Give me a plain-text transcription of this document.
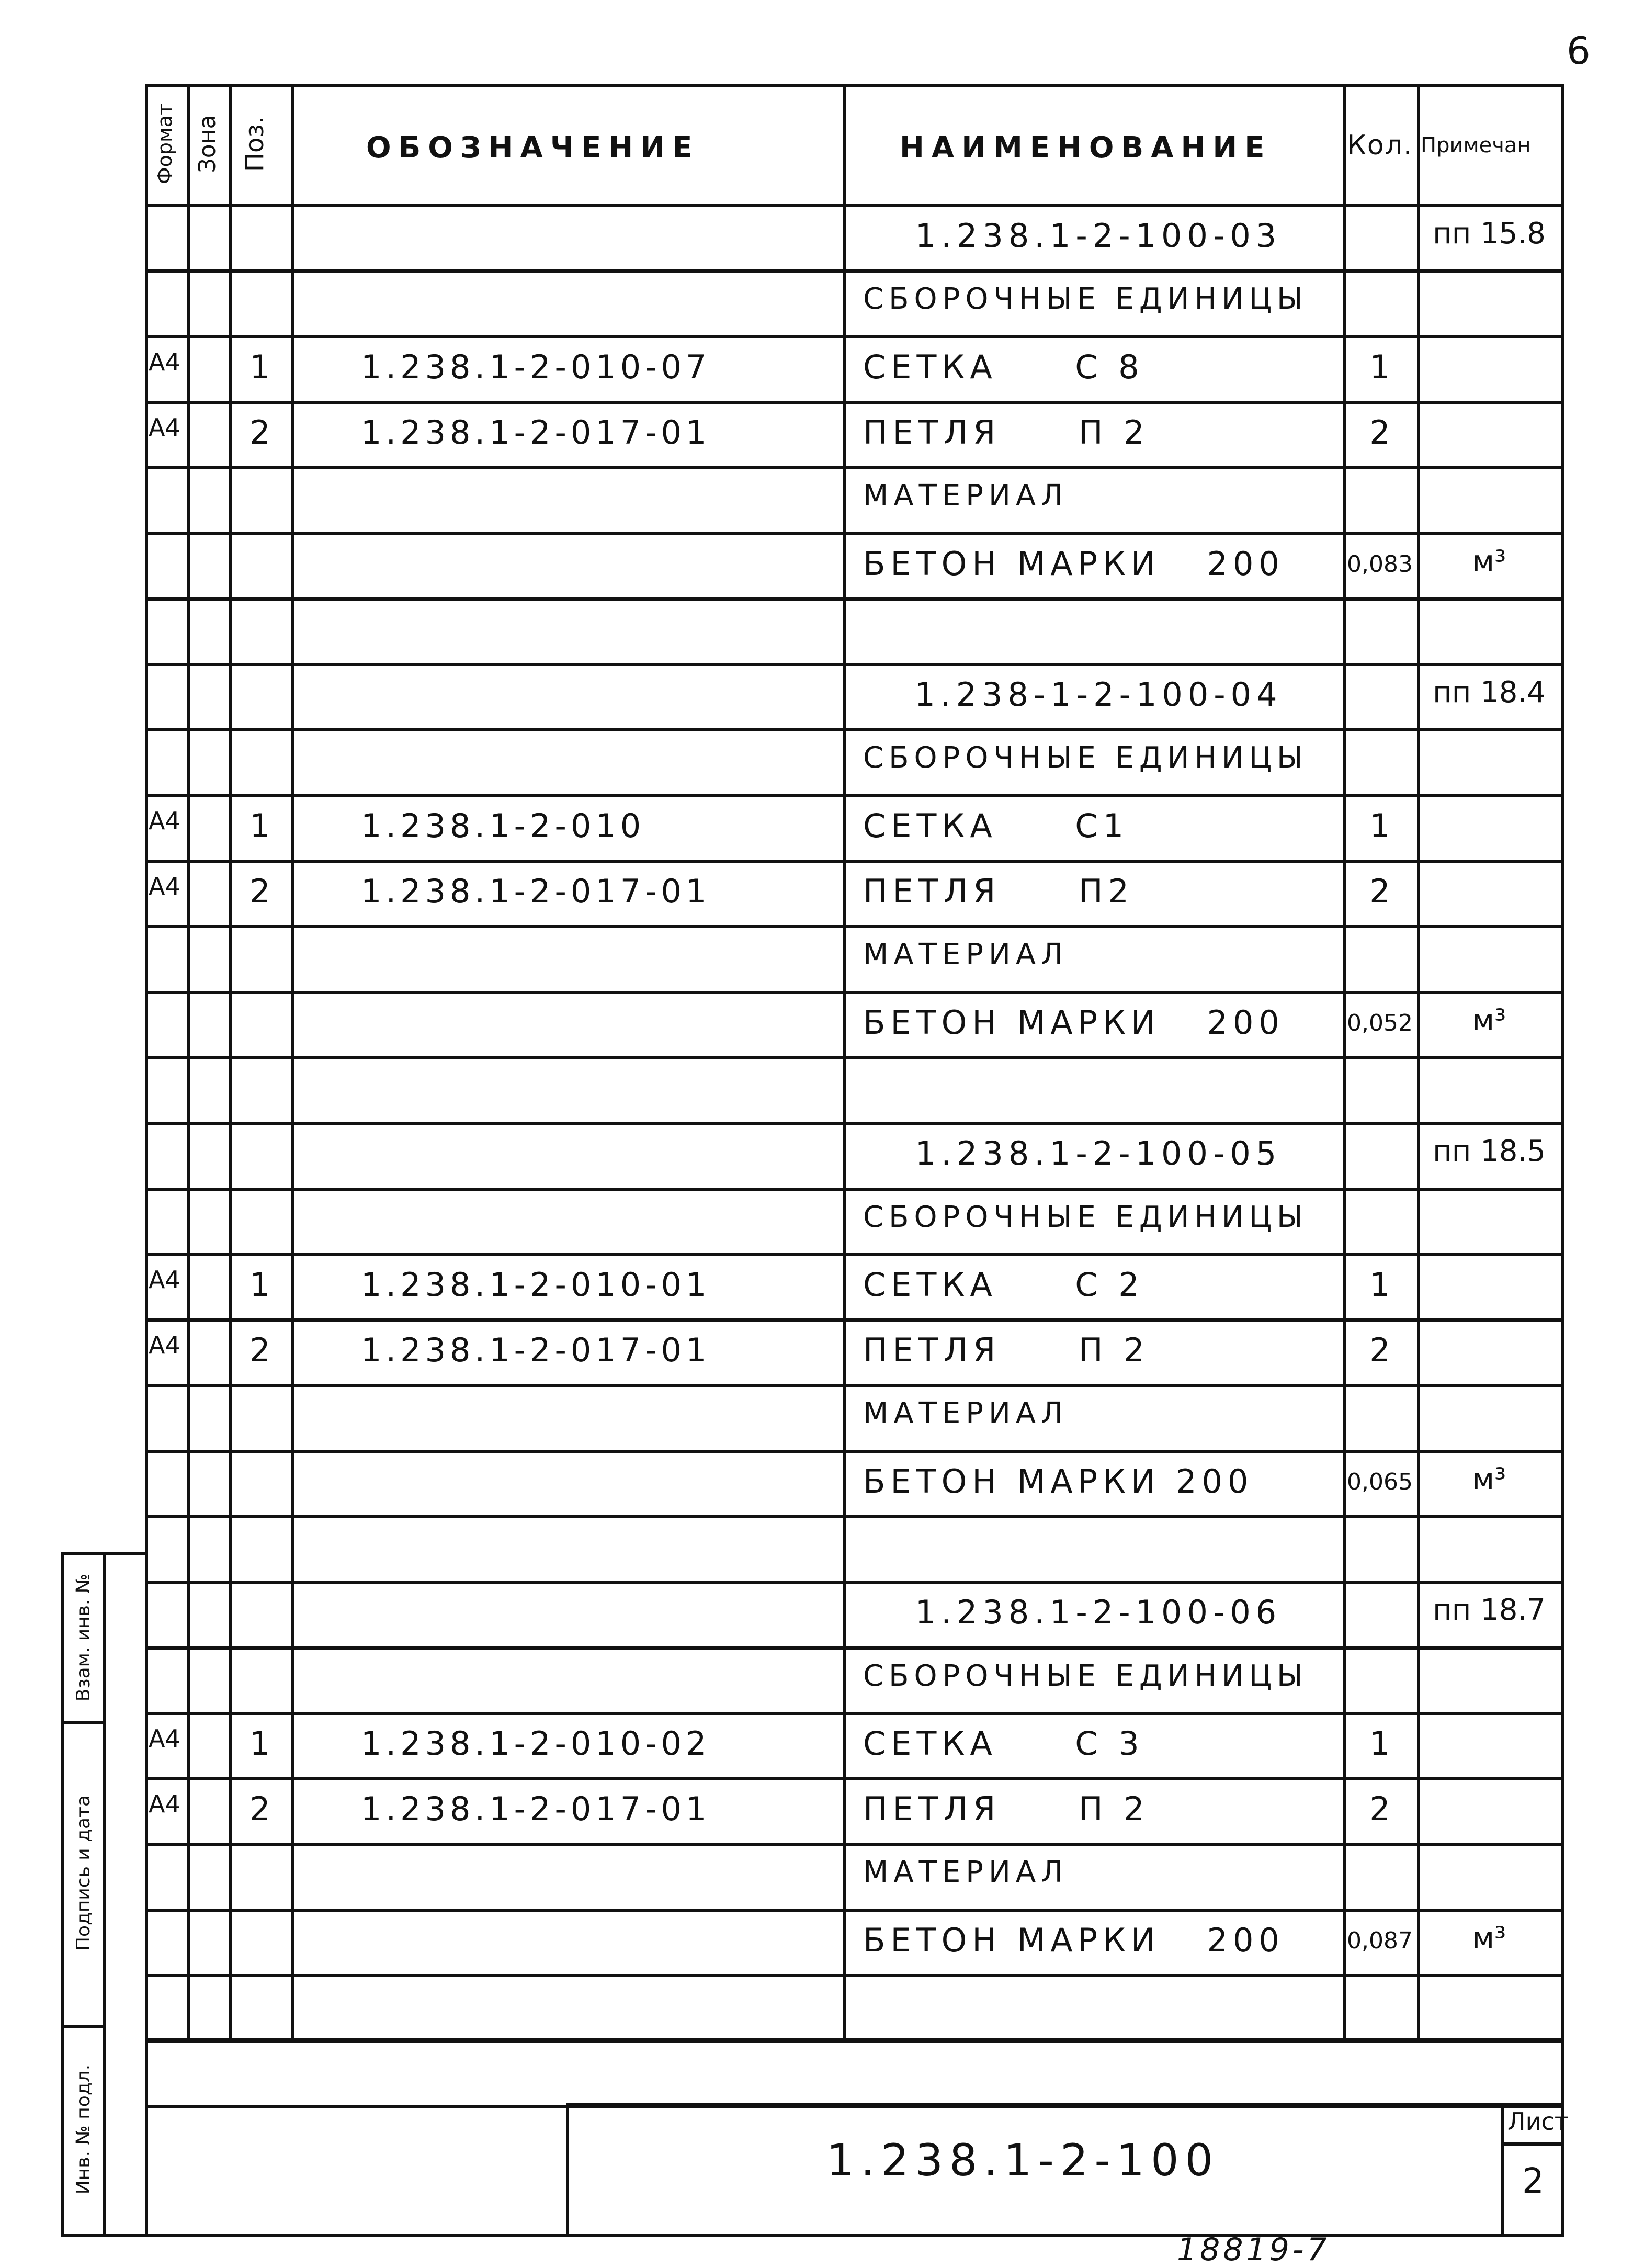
6
Формат Зона Поз.	ОБОЗНАЧЕНИЕ	НАИМЕНОВАНИЕ	Кол. Примечан
1.238.1-2-100-03	пп 15.8
СБОРОЧНЫЕ ЕДИНИЦЫ
А4	1	1.238.1-2-010-07	СЕТКА     С 8	1
А4	2	1.238.1-2-017-01	ПЕТЛЯ     П 2	2
МАТЕРИАЛ
БЕТОН МАРКИ   200	0,083	м³
1.238-1-2-100-04	пп 18.4
СБОРОЧНЫЕ ЕДИНИЦЫ
А4	1	1.238.1-2-010	СЕТКА     С1	1
А4	2	1.238.1-2-017-01	ПЕТЛЯ     П2	2
МАТЕРИАЛ
БЕТОН МАРКИ   200	0,052	м³
1.238.1-2-100-05	пп 18.5
СБОРОЧНЫЕ ЕДИНИЦЫ
А4	1	1.238.1-2-010-01	СЕТКА     С 2	1
А4	2	1.238.1-2-017-01	ПЕТЛЯ     П 2	2
МАТЕРИАЛ
БЕТОН МАРКИ 200	0,065	м³
1.238.1-2-100-06	пп 18.7
СБОРОЧНЫЕ ЕДИНИЦЫ
А4	1	1.238.1-2-010-02	СЕТКА     С 3	1
А4	2	1.238.1-2-017-01	ПЕТЛЯ     П 2	2
МАТЕРИАЛ
БЕТОН МАРКИ   200	0,087	м³
Взам. инв. №
Подпись и дата
Инв. № подл.	1.238.1-2-100
Лист
2
18819-7
